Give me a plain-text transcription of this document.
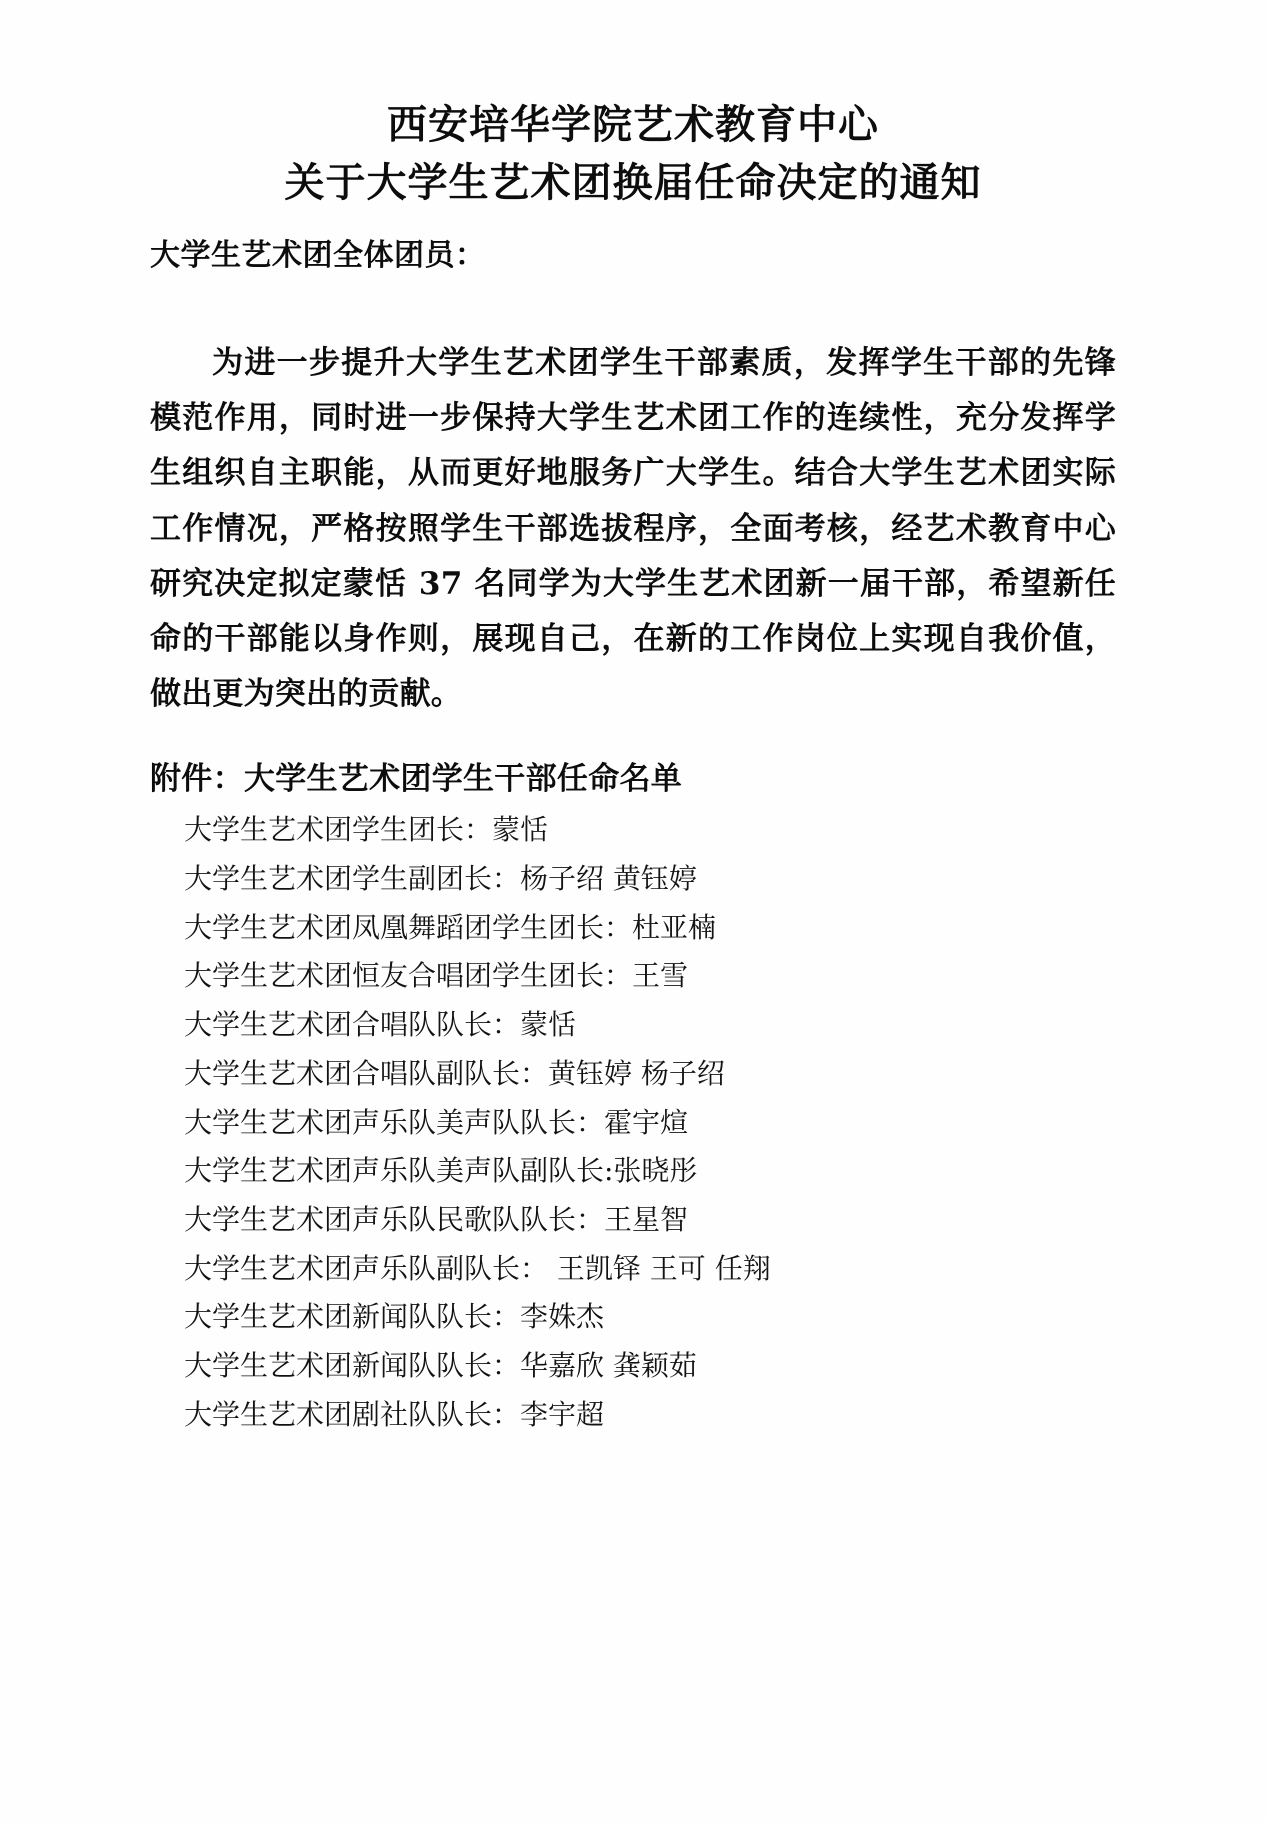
西安培华学院艺术教育中心
关于大学生艺术团换届任命决定的通知
大学生艺术团全体团员：

为进一步提升大学生艺术团学生干部素质，发挥学生干部的先锋模范作用，同时进一步保持大学生艺术团工作的连续性，充分发挥学生组织自主职能，从而更好地服务广大学生。结合大学生艺术团实际工作情况，严格按照学生干部选拔程序，全面考核，经艺术教育中心研究决定拟定蒙恬 37 名同学为大学生艺术团新一届干部，希望新任命的干部能以身作则，展现自己，在新的工作岗位上实现自我价值，做出更为突出的贡献。

附件：大学生艺术团学生干部任命名单
大学生艺术团学生团长：蒙恬
大学生艺术团学生副团长：杨子绍 黄钰婷
大学生艺术团凤凰舞蹈团学生团长：杜亚楠
大学生艺术团恒友合唱团学生团长：王雪
大学生艺术团合唱队队长：蒙恬
大学生艺术团合唱队副队长：黄钰婷 杨子绍
大学生艺术团声乐队美声队队长：霍宇煊
大学生艺术团声乐队美声队副队长:张晓彤
大学生艺术团声乐队民歌队队长：王星智
大学生艺术团声乐队副队长： 王凯铎 王可 任翔
大学生艺术团新闻队队长：李姝杰
大学生艺术团新闻队队长：华嘉欣 龚颖茹
大学生艺术团剧社队队长：李宇超
